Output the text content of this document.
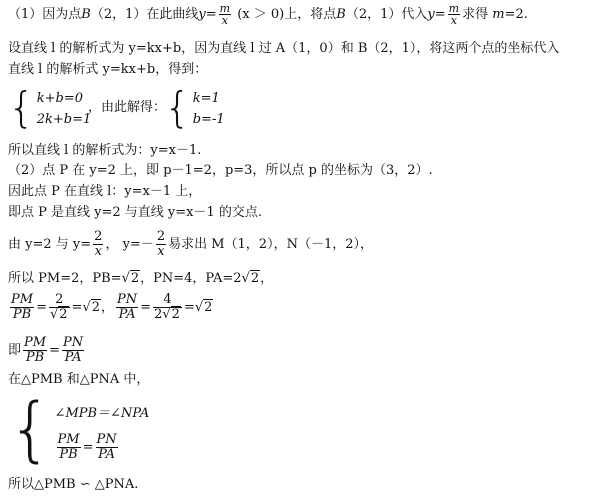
（1）因为点B（2，1）在此曲线$y= \frac{m}{x} (x > 0)$上，将点B（2，1）代入$y= \frac{m}{x}$ 求得 m=2.
设直线 l 的解析式为 y=kx+b，因为直线 l 过 A（1，0）和 B（2，1），将这两个点的坐标代入
直线 l 的解析式 y=kx+b，得到：
{ k+b=0
2k+b=1
，由此解得：
{ k=1
b=-1
所以直线 l 的解析式为：y=x－1.
（2）点 P 在 y=2 上，即 p－1=2，p=3，所以点 p 的坐标为（3，2）.
因此点 P 在直线 l：y=x－1 上，
即点 P 是直线 y=2 与直线 y=x－1 的交点.
由 y=2 与 $y= \frac{2}{x}$ ， $y=- \frac{2}{x}$ 易求出 M（1，2），N（－1，2），
所以 PM=2，PB=√2，PN=4，PA=2√2，
$\frac{PM}{PB} = \frac{2}{√2} =√2$， $\frac{PN}{PA} = \frac{4}{2√2} =√2$
即 $\frac{PM}{PB} = \frac{PN}{PA}$
在△PMB 和△PNA 中，
{ ∠MPB＝∠NPA
$\frac{PM}{PB} = \frac{PN}{PA}$
所以△PMB ∽ △PNA.
